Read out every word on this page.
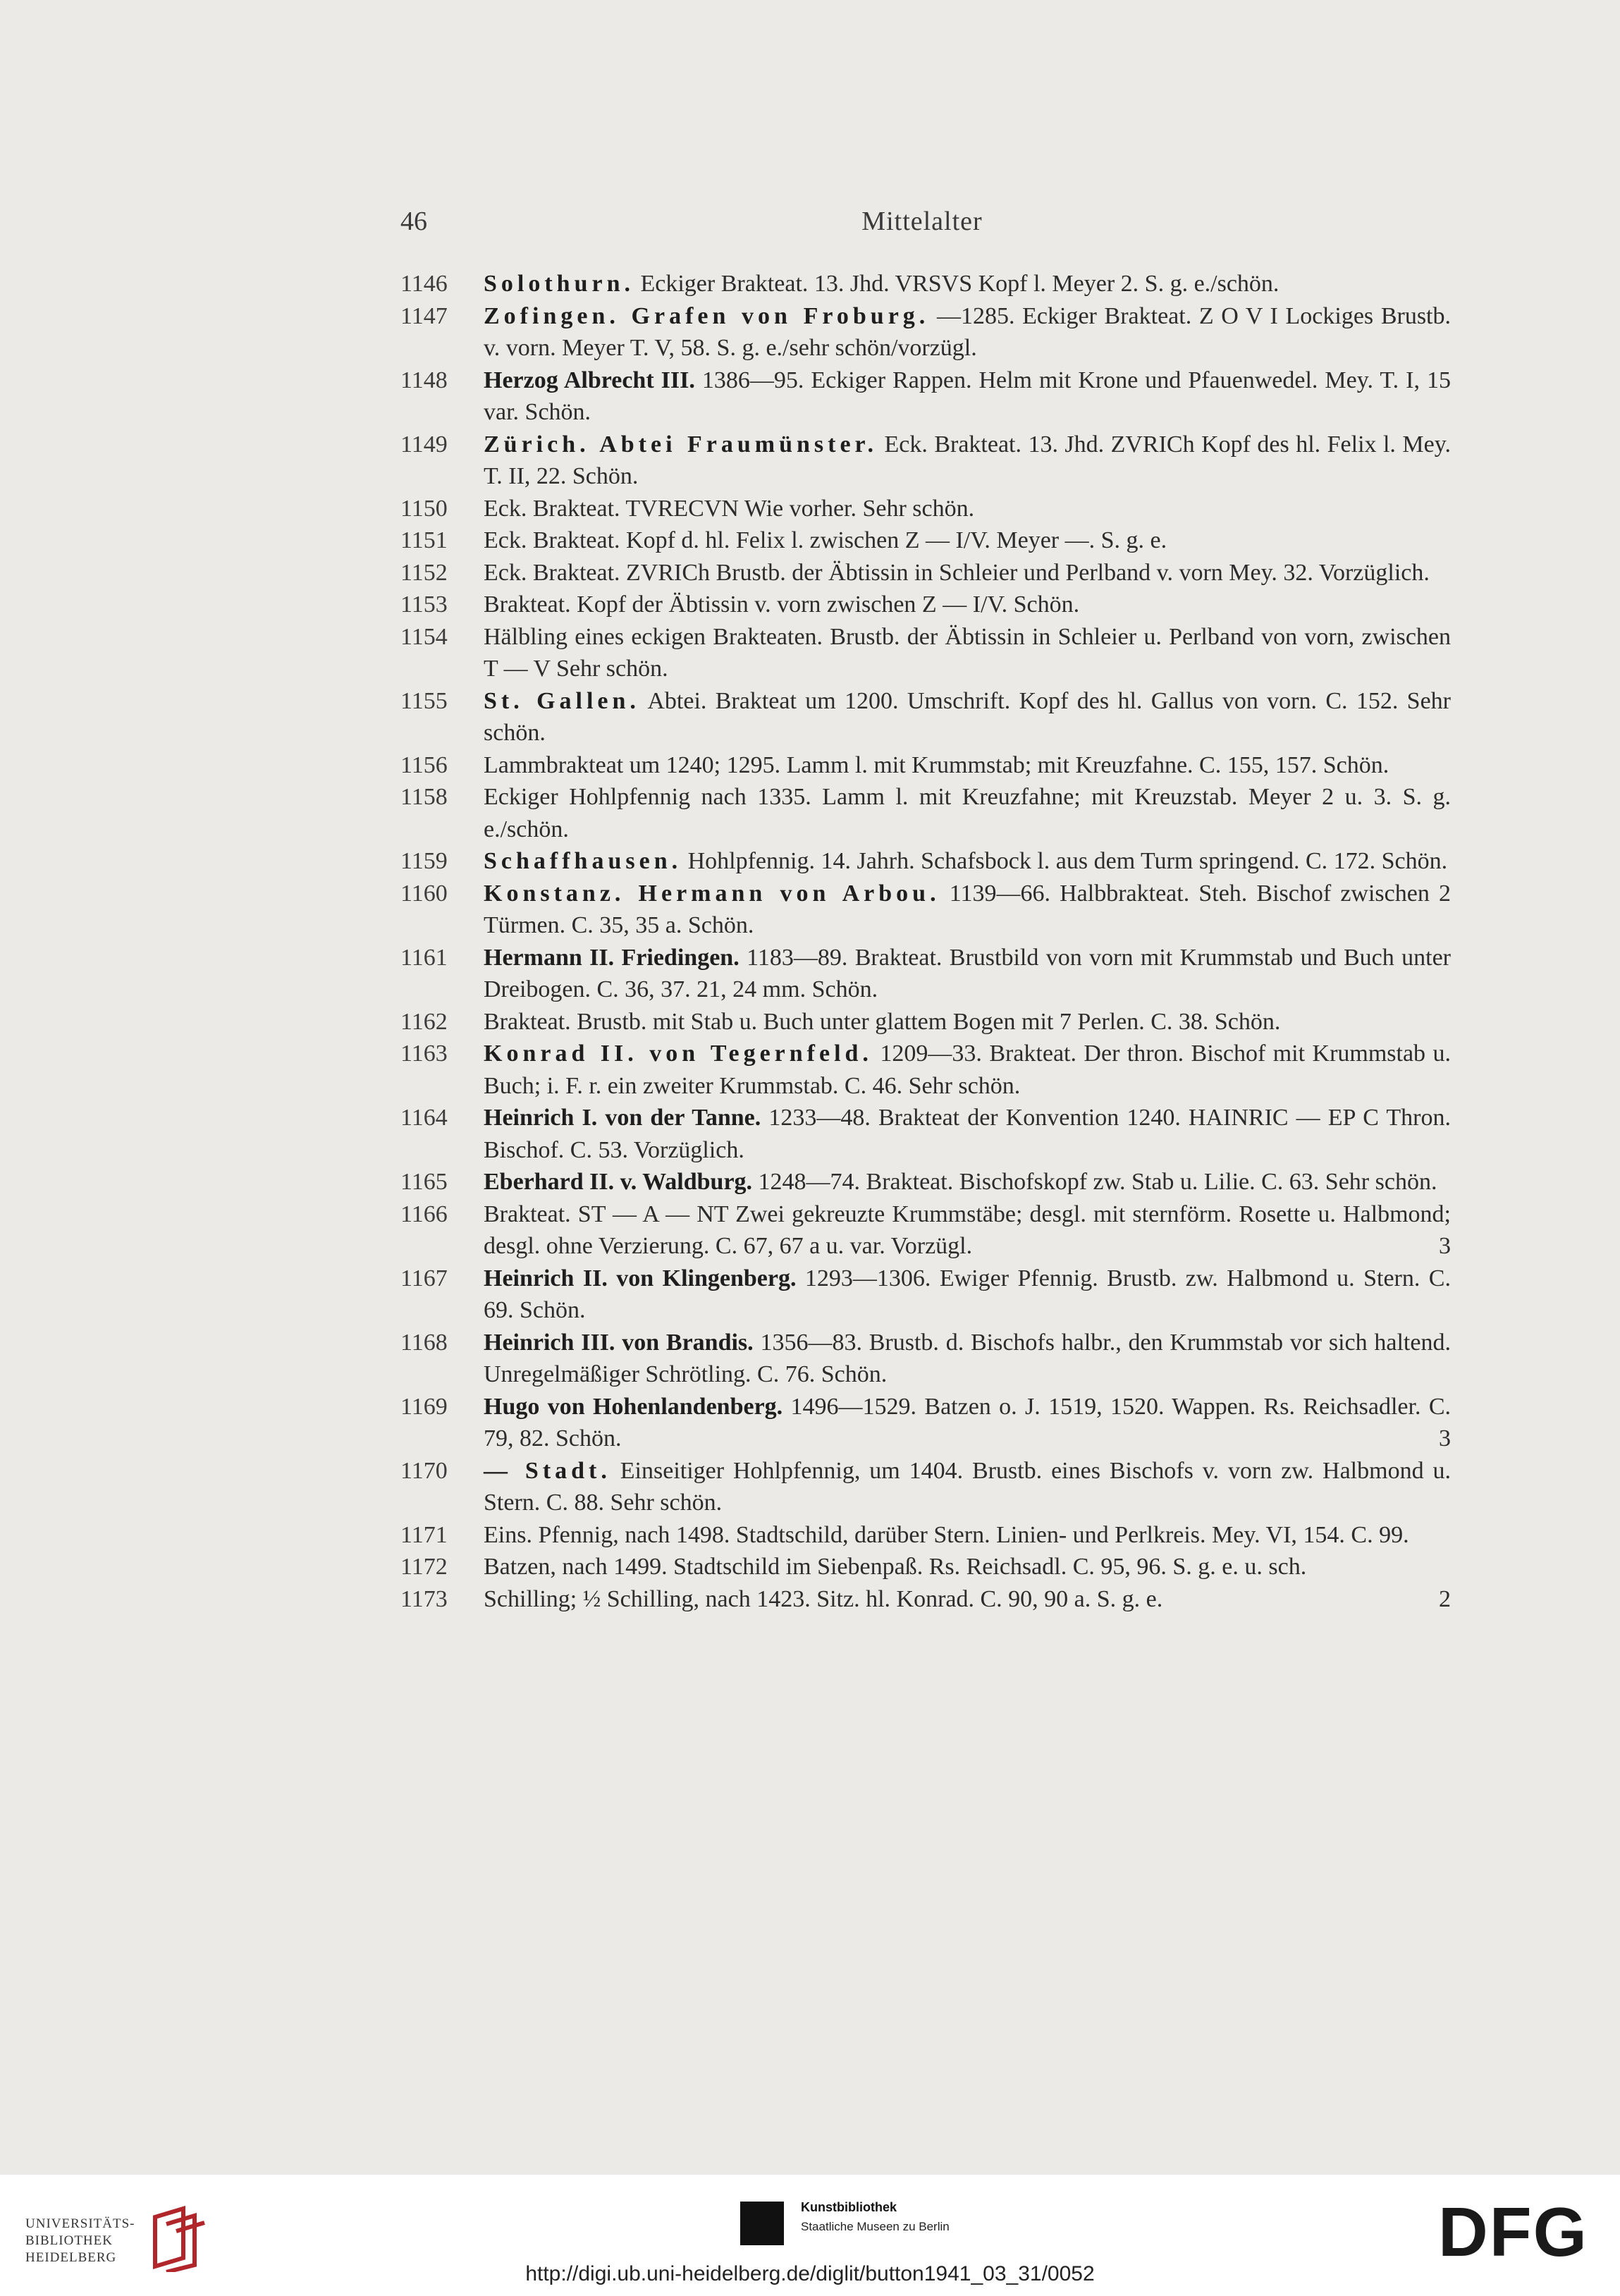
46	Mittelalter
1146 Solothurn. Eckiger Brakteat. 13. Jhd. VRSVS Kopf l. Meyer 2. S. g. e./schön.
1147 Zofingen. Grafen von Froburg. —1285. Eckiger Brakteat. Z O V I Lockiges Brustb. v. vorn. Meyer T. V, 58. S. g. e./sehr schön/vorzügl.
1148 Herzog Albrecht III. 1386—95. Eckiger Rappen. Helm mit Krone und Pfauenwedel. Mey. T. I, 15 var. Schön.
1149 Zürich. Abtei Fraumünster. Eck. Brakteat. 13. Jhd. ZVRICh Kopf des hl. Felix l. Mey. T. II, 22. Schön.
1150 Eck. Brakteat. TVRECVN Wie vorher. Sehr schön.
1151 Eck. Brakteat. Kopf d. hl. Felix l. zwischen Z — I/V. Meyer —. S. g. e.
1152 Eck. Brakteat. ZVRICh Brustb. der Äbtissin in Schleier und Perlband v. vorn Mey. 32. Vorzüglich.
1153 Brakteat. Kopf der Äbtissin v. vorn zwischen Z — I/V. Schön.
1154 Hälbling eines eckigen Brakteaten. Brustb. der Äbtissin in Schleier u. Perlband von vorn, zwischen T — V Sehr schön.
1155 St. Gallen. Abtei. Brakteat um 1200. Umschrift. Kopf des hl. Gallus von vorn. C. 152. Sehr schön.
1156 Lammbrakteat um 1240; 1295. Lamm l. mit Krummstab; mit Kreuzfahne. C. 155, 157. Schön.
1158 Eckiger Hohlpfennig nach 1335. Lamm l. mit Kreuzfahne; mit Kreuzstab. Meyer 2 u. 3. S. g. e./schön.
1159 Schaffhausen. Hohlpfennig. 14. Jahrh. Schafsbock l. aus dem Turm springend. C. 172. Schön.
1160 Konstanz. Hermann von Arbou. 1139—66. Halbbrakteat. Steh. Bischof zwischen 2 Türmen. C. 35, 35 a. Schön.
1161 Hermann II. Friedingen. 1183—89. Brakteat. Brustbild von vorn mit Krummstab und Buch unter Dreibogen. C. 36, 37. 21, 24 mm. Schön.
1162 Brakteat. Brustb. mit Stab u. Buch unter glattem Bogen mit 7 Perlen. C. 38. Schön.
1163 Konrad II. von Tegernfeld. 1209—33. Brakteat. Der thron. Bischof mit Krummstab u. Buch; i. F. r. ein zweiter Krummstab. C. 46. Sehr schön.
1164 Heinrich I. von der Tanne. 1233—48. Brakteat der Konvention 1240. HAINRIC — EP C Thron. Bischof. C. 53. Vorzüglich.
1165 Eberhard II. v. Waldburg. 1248—74. Brakteat. Bischofskopf zw. Stab u. Lilie. C. 63. Sehr schön.
1166 Brakteat. ST — A — NT Zwei gekreuzte Krummstäbe; desgl. mit sternförm. Rosette u. Halbmond; desgl. ohne Verzierung. C. 67, 67 a u. var. Vorzügl.	3
1167 Heinrich II. von Klingenberg. 1293—1306. Ewiger Pfennig. Brustb. zw. Halbmond u. Stern. C. 69. Schön.
1168 Heinrich III. von Brandis. 1356—83. Brustb. d. Bischofs halbr., den Krummstab vor sich haltend. Unregelmäßiger Schrötling. C. 76. Schön.
1169 Hugo von Hohenlandenberg. 1496—1529. Batzen o. J. 1519, 1520. Wappen. Rs. Reichsadler. C. 79, 82. Schön.	3
1170 — Stadt. Einseitiger Hohlpfennig, um 1404. Brustb. eines Bischofs v. vorn zw. Halbmond u. Stern. C. 88. Sehr schön.
1171 Eins. Pfennig, nach 1498. Stadtschild, darüber Stern. Linien- und Perlkreis. Mey. VI, 154. C. 99.
1172 Batzen, nach 1499. Stadtschild im Siebenpaß. Rs. Reichsadl. C. 95, 96. S. g. e. u. sch.
1173 Schilling; ½ Schilling, nach 1423. Sitz. hl. Konrad. C. 90, 90 a. S. g. e.	2
UNIVERSITÄTS-
BIBLIOTHEK
HEIDELBERG
Kunstbibliothek
Staatliche Museen zu Berlin	DFG
http://digi.ub.uni-heidelberg.de/diglit/button1941_03_31/0052
